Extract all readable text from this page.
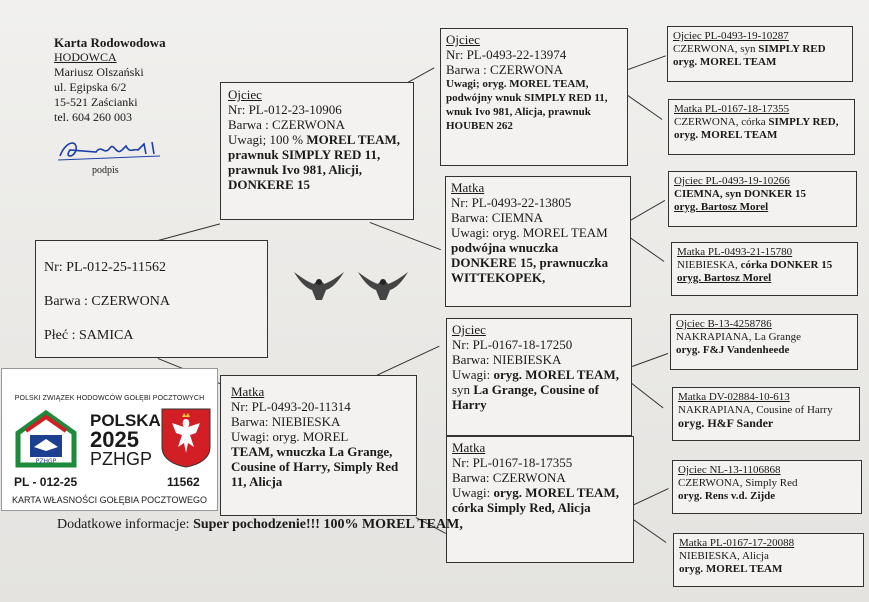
Karta Rodowodowa
HODOWCA
Mariusz Olszański
ul. Egipska 6/2
15-521 Zaścianki
tel. 604 260 003
podpis
Nr: PL-012-25-11562
Barwa : CZERWONA
Płeć : SAMICA
Ojciec
Nr: PL-012-23-10906
Barwa : CZERWONA
Uwagi; 100 % MOREL TEAM, prawnuk SIMPLY RED 11, prawnuk Ivo 981, Alicji, DONKERE 15
Matka
Nr: PL-0493-20-11314
Barwa: NIEBIESKA
Uwagi: oryg. MOREL
TEAM, wnuczka La Grange, Cousine of Harry, Simply Red 11, Alicja
Ojciec
Nr: PL-0493-22-13974
Barwa : CZERWONA
Uwagi; oryg. MOREL TEAM, podwójny wnuk SIMPLY RED 11, wnuk Ivo 981, Alicja, prawnuk HOUBEN 262
Matka
Nr: PL-0493-22-13805
Barwa: CIEMNA
Uwagi: oryg. MOREL TEAM
podwójna wnuczka DONKERE 15, prawnuczka WITTEKOPEK,
Ojciec
Nr: PL-0167-18-17250
Barwa: NIEBIESKA
Uwagi: oryg. MOREL TEAM, syn La Grange, Cousine of Harry
Matka
Nr: PL-0167-18-17355
Barwa: CZERWONA
Uwagi: oryg. MOREL TEAM, córka Simply Red, Alicja
Ojciec PL-0493-19-10287
CZERWONA, syn SIMPLY RED
oryg. MOREL TEAM
Matka PL-0167-18-17355
CZERWONA, córka SIMPLY RED, oryg. MOREL TEAM
Ojciec PL-0493-19-10266
CIEMNA, syn DONKER 15
oryg. Bartosz Morel
Matka PL-0493-21-15780
NIEBIESKA, córka DONKER 15
oryg. Bartosz Morel
Ojciec B-13-4258786
NAKRAPIANA, La Grange
oryg. F&J Vandenheede
Matka DV-02884-10-613
NAKRAPIANA, Cousine of Harry
oryg. H&F Sander
Ojciec NL-13-1106868
CZERWONA, Simply Red
oryg. Rens v.d. Zijde
Matka PL-0167-17-20088
NIEBIESKA, Alicja
oryg. MOREL TEAM
POLSKI ZWIĄZEK HODOWCÓW GOŁĘBI POCZTOWYCH
PZHGP
POLSKA
2025
PZHGP
PL - 012-25	11562
KARTA WŁASNOŚCI GOŁĘBIA POCZTOWEGO
Dodatkowe informacje: Super pochodzenie!!! 100% MOREL TEAM,
